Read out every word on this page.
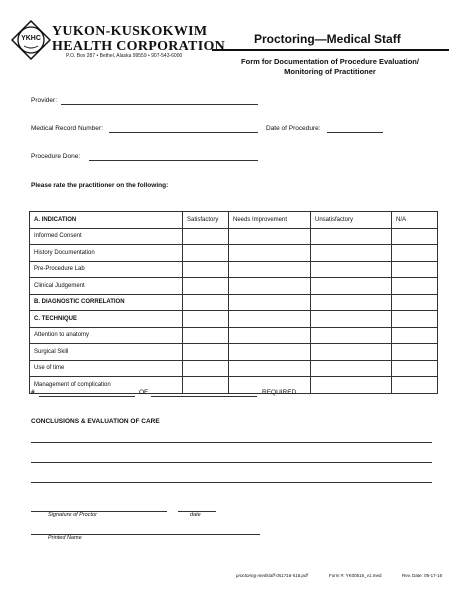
YKHC YUKON-KUSKOKWIM
HEALTH CORPORATION
P.O. Box 287 • Bethel, Alaska 99559 • 907-543-6000
Proctoring—Medical Staff
Form for Documentation of Procedure Evaluation/
Monitoring of Practitioner
Provider:
Medical Record Number:	Date of Procedure:
Procedure Done:
Please rate the practitioner on the following:
A. INDICATION	Satisfactory	Needs Improvement	Unsatisfactory	N/A
Informed Consent				
History Documentation				
Pre-Procedure Lab				
Clinical Judgement				
B. DIAGNOSTIC CORRELATION				
C. TECHNIQUE				
Attention to anatomy				
Surgical Skill				
Use of time				
Management of complication				
#	OF	REQUIRED
CONCLUSIONS & EVALUATION OF CARE
Signature of Proctor	date
Printed Name
proctoring-medstaff-051716-516.pdf	Form #: YK00516_v1.med	Rev. Date: 05-17-16
